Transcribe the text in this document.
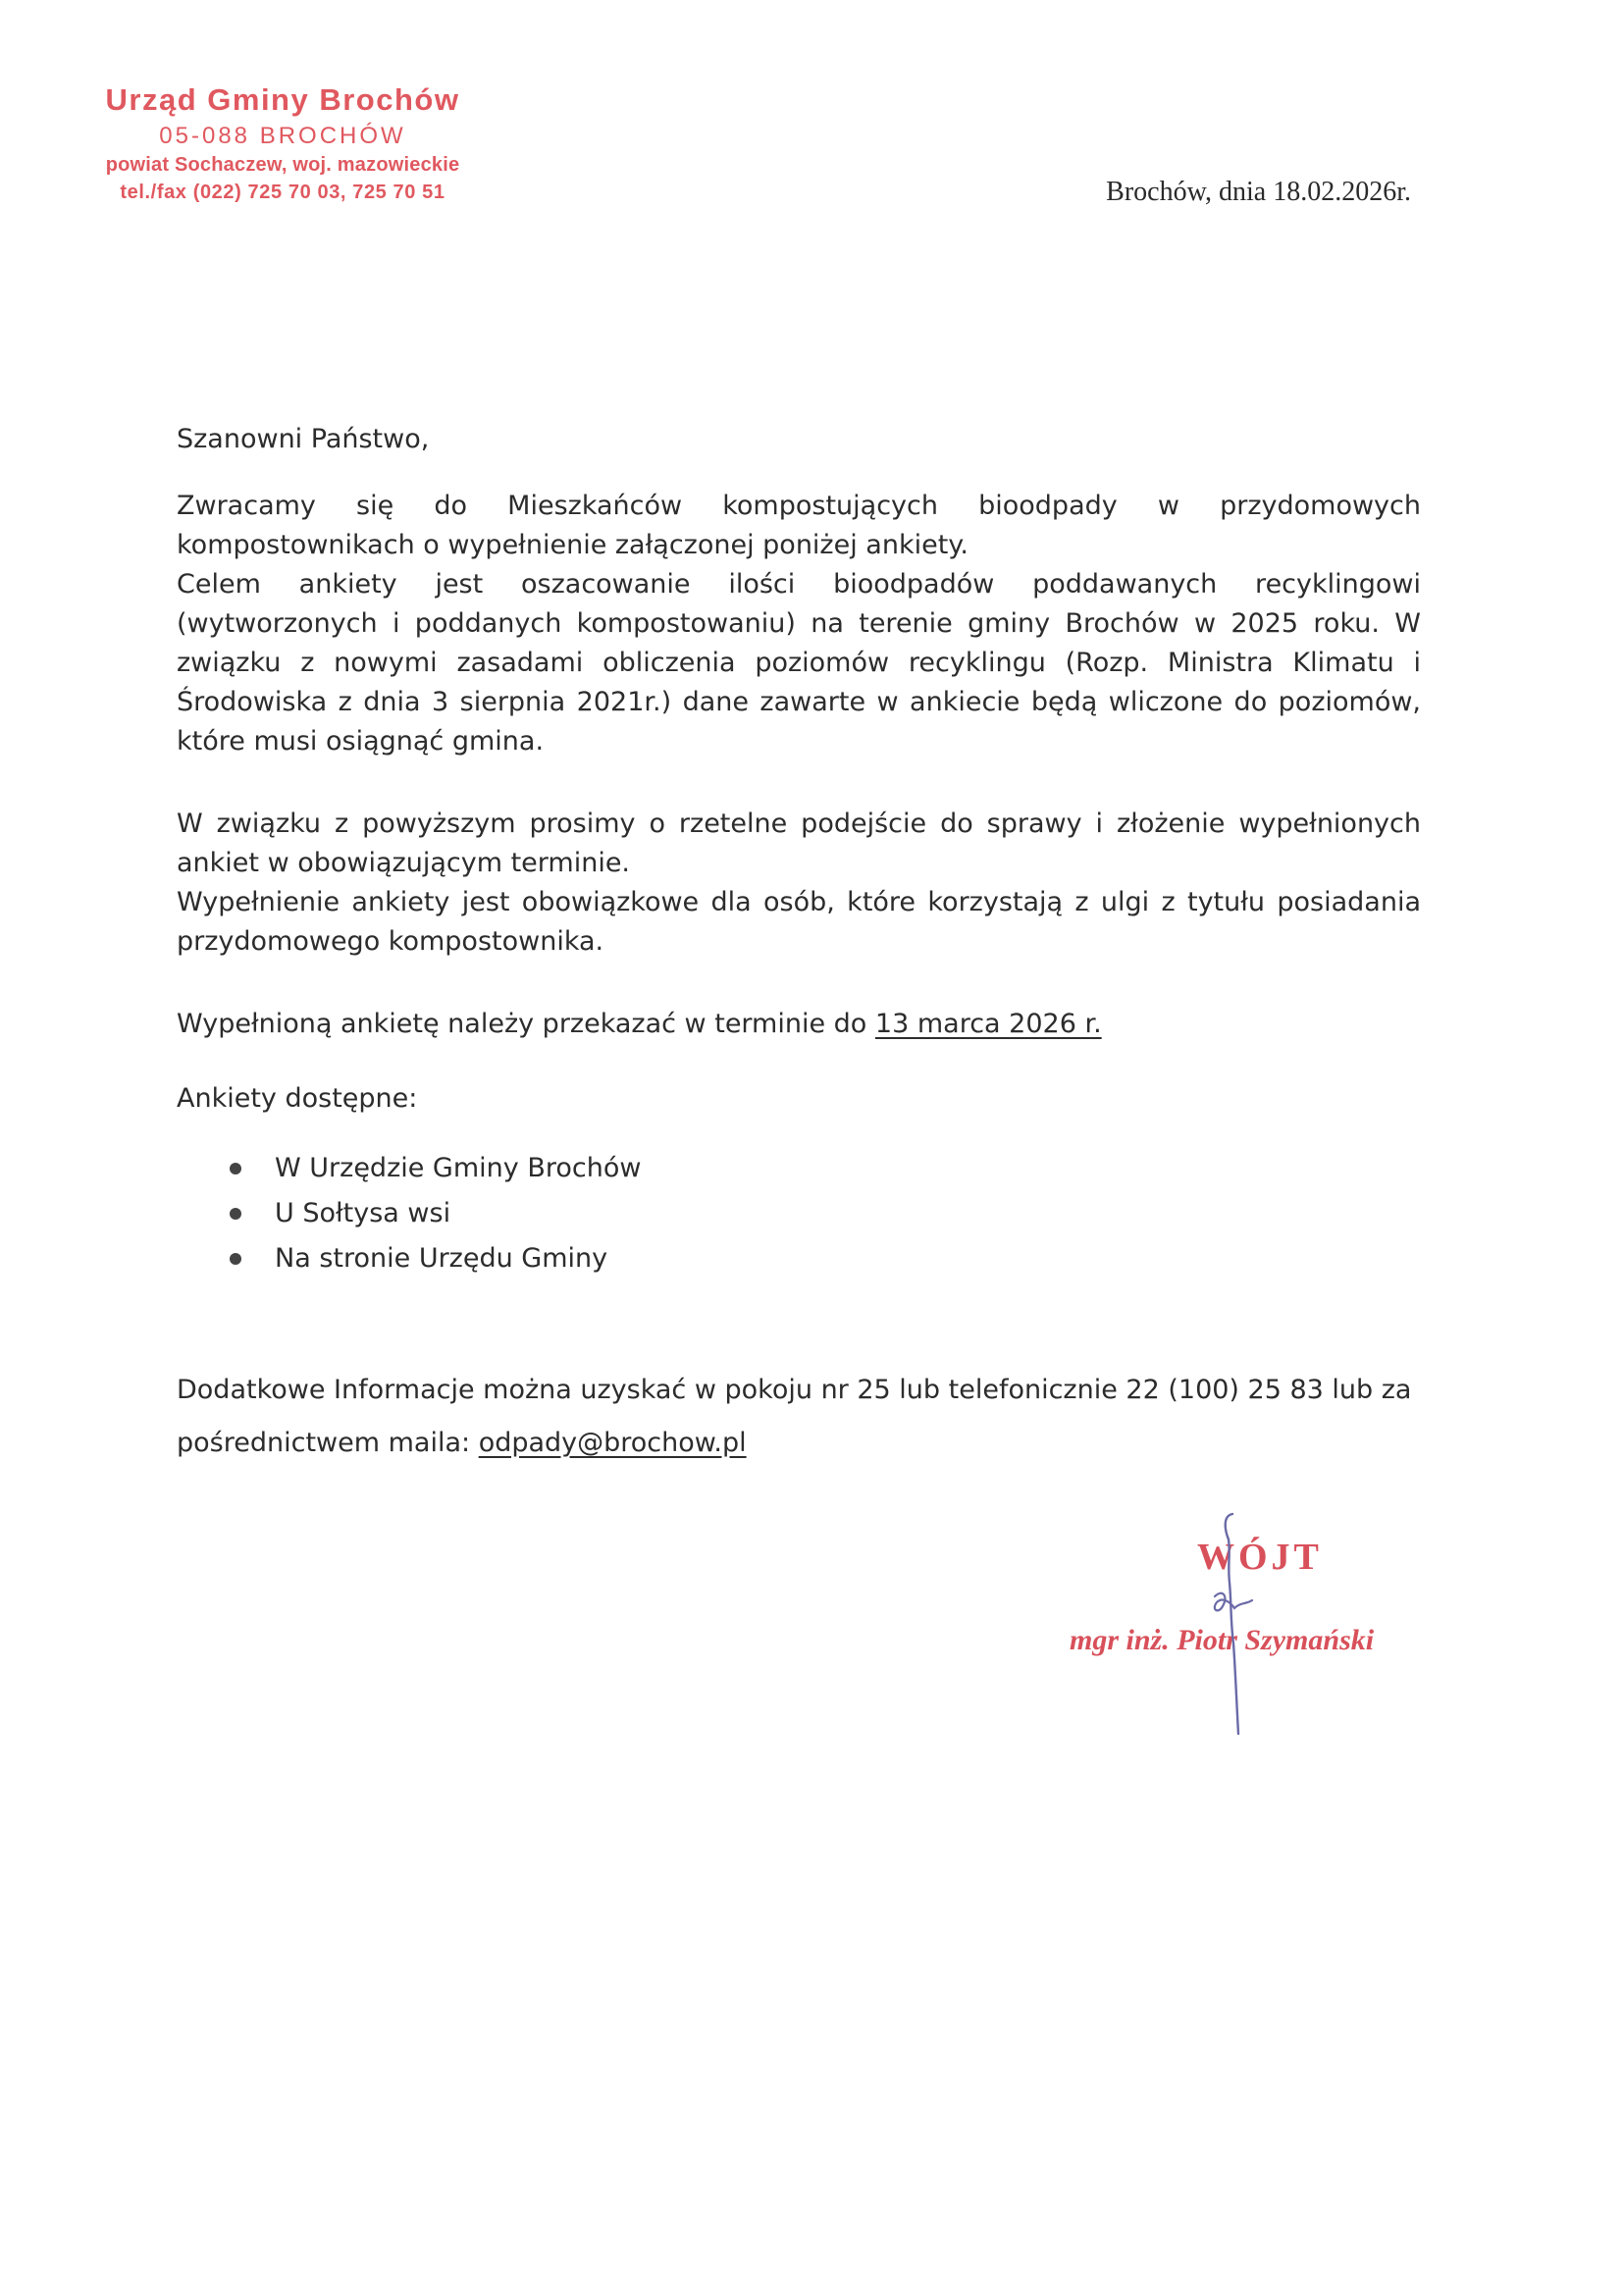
Urząd Gminy Brochów
05-088 BROCHÓW
powiat Sochaczew, woj. mazowieckie
tel./fax (022) 725 70 03, 725 70 51	Brochów, dnia 18.02.2026r.

Szanowni Państwo,

Zwracamy się do Mieszkańców kompostujących bioodpady w przydomowych kompostownikach o wypełnienie załączonej poniżej ankiety.

Celem ankiety jest oszacowanie ilości bioodpadów poddawanych recyklingowi (wytworzonych i poddanych kompostowaniu) na terenie gminy Brochów w 2025 roku. W związku z nowymi zasadami obliczenia poziomów recyklingu (Rozp. Ministra Klimatu i Środowiska z dnia 3 sierpnia 2021r.) dane zawarte w ankiecie będą wliczone do poziomów, które musi osiągnąć gmina.

W związku z powyższym prosimy o rzetelne podejście do sprawy i złożenie wypełnionych ankiet w obowiązującym terminie.

Wypełnienie ankiety jest obowiązkowe dla osób, które korzystają z ulgi z tytułu posiadania przydomowego kompostownika.

Wypełnioną ankietę należy przekazać w terminie do 13 marca 2026 r.

Ankiety dostępne:

W Urzędzie Gminy Brochów
U Sołtysa wsi
Na stronie Urzędu Gminy

Dodatkowe Informacje można uzyskać w pokoju nr 25 lub telefonicznie 22 (100) 25 83 lub za pośrednictwem maila: odpady@brochow.pl

WÓJT
mgr inż. Piotr Szymański
